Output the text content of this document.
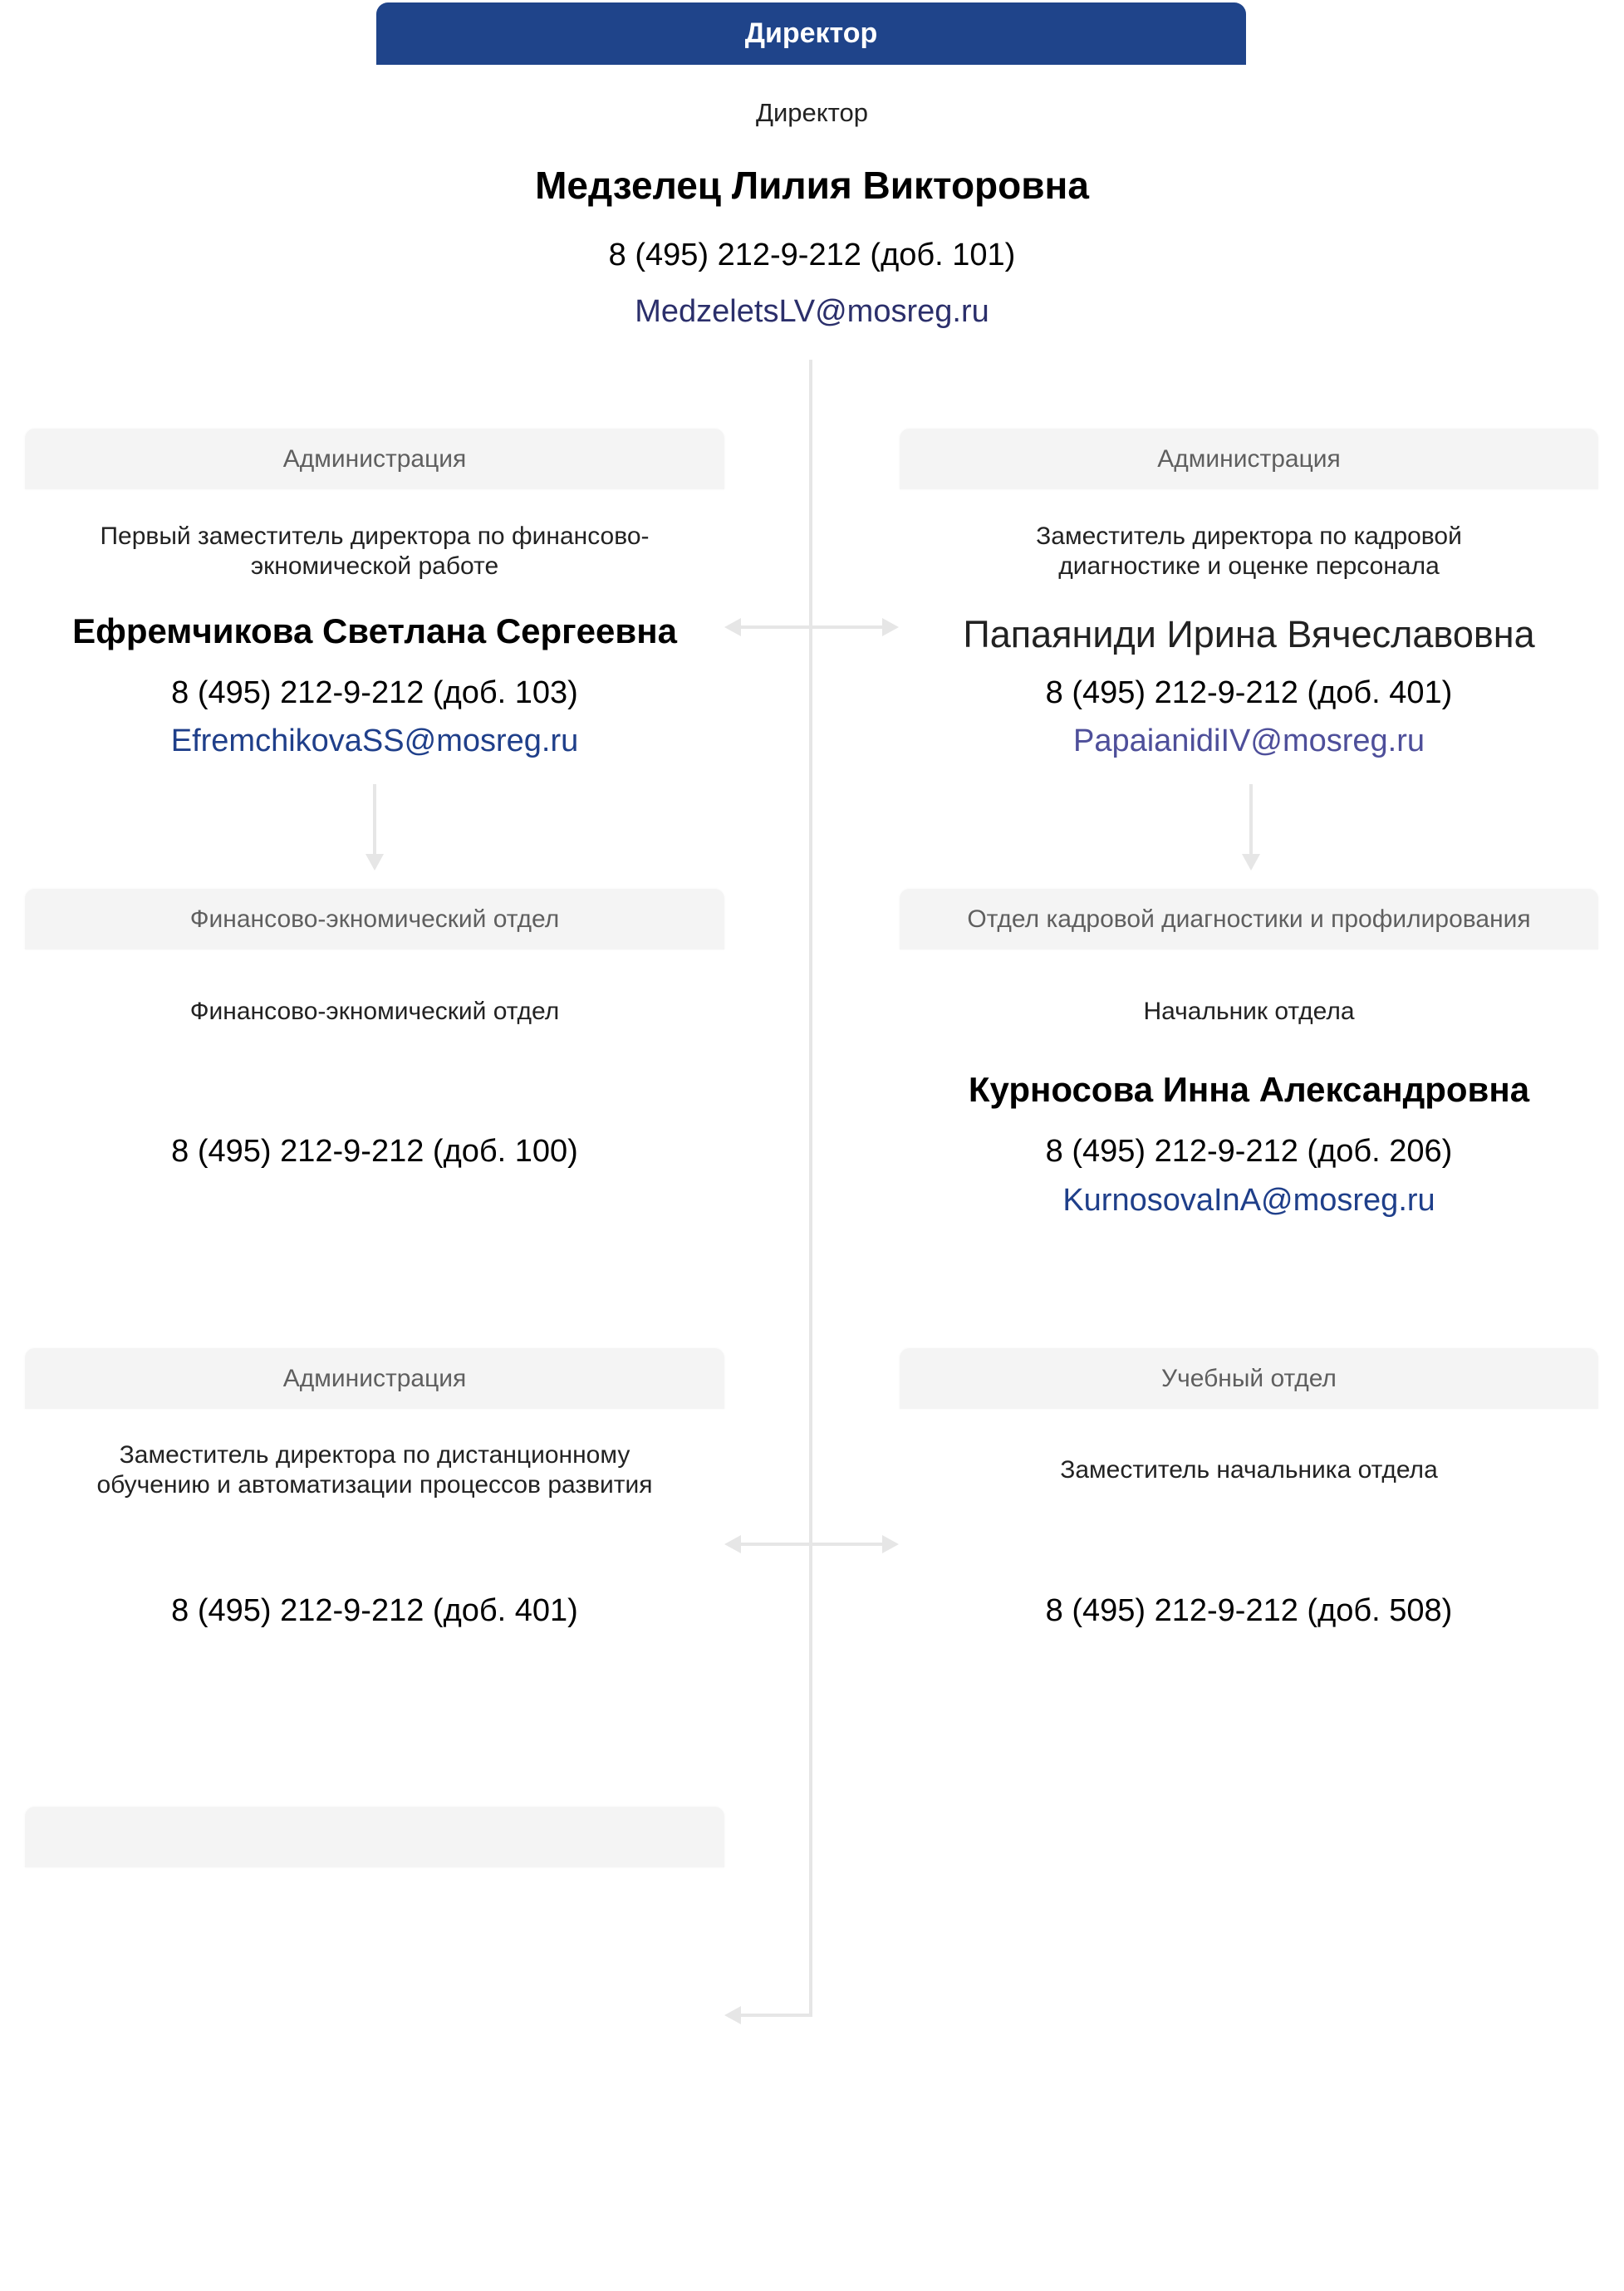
Директор
Директор
Медзелец Лилия Викторовна
8 (495) 212-9-212 (доб. 101)
MedzeletsLV@mosreg.ru
Администрация
Первый заместитель директора по финансово-
экномической работе
Ефремчикова Светлана Сергеевна
8 (495) 212-9-212 (доб. 103)
EfremchikovaSS@mosreg.ru
Администрация
Заместитель директора по кадровой
диагностике и оценке персонала
Папаяниди Ирина Вячеславовна
8 (495) 212-9-212 (доб. 401)
PapaianidiIV@mosreg.ru
Финансово-экномический отдел
Финансово-экномический отдел
8 (495) 212-9-212 (доб. 100)
Отдел кадровой диагностики и профилирования
Начальник отдела
Курносова Инна Александровна
8 (495) 212-9-212 (доб. 206)
KurnosovaInA@mosreg.ru
Администрация
Заместитель директора по дистанционному
обучению и автоматизации процессов развития
8 (495) 212-9-212 (доб. 401)
Учебный отдел
Заместитель начальника отдела
8 (495) 212-9-212 (доб. 508)
